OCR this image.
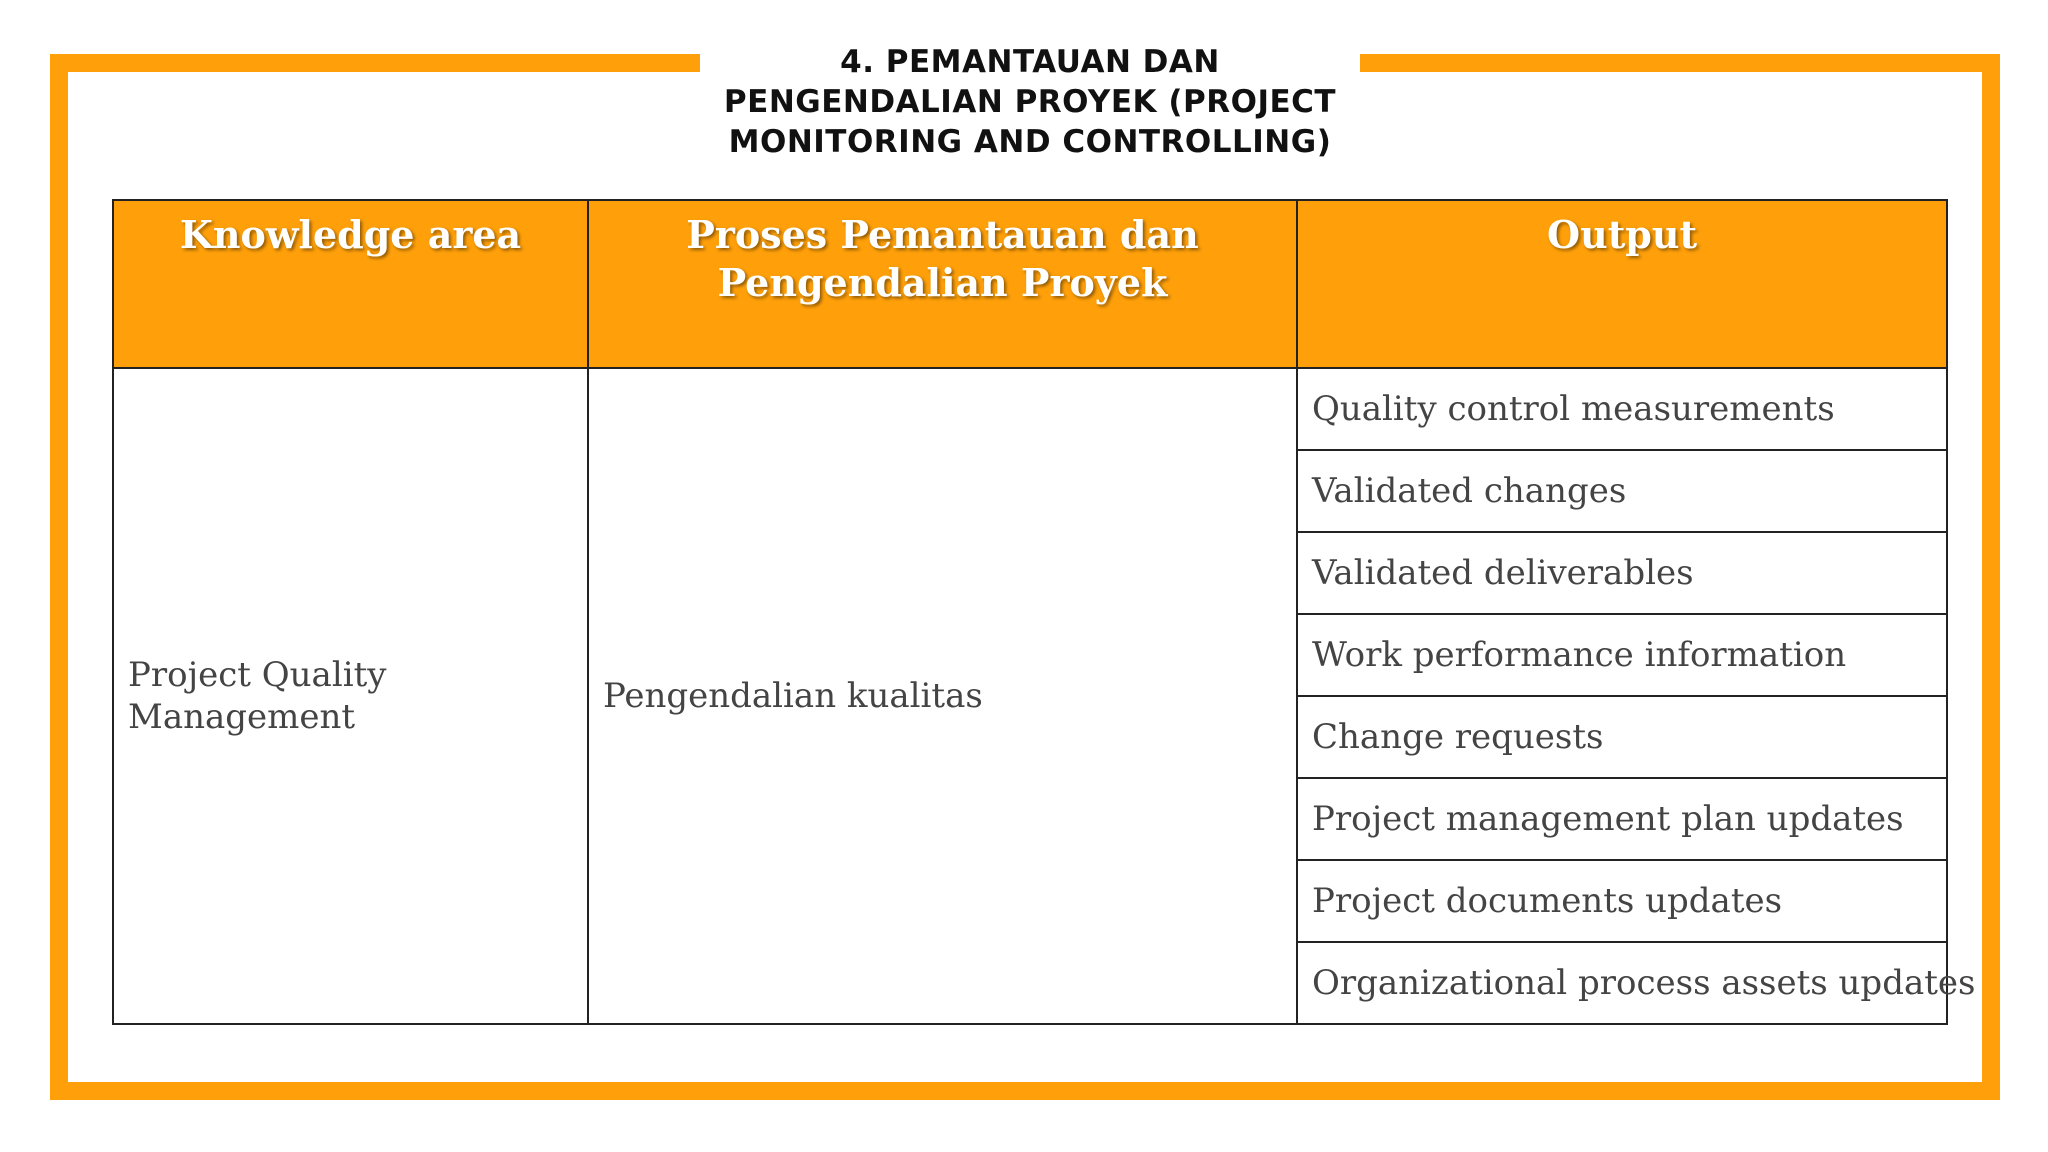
4. PEMANTAUAN DAN
PENGENDALIAN PROYEK (PROJECT
MONITORING AND CONTROLLING)
Knowledge area	Proses Pemantauan dan
Pengendalian Proyek	Output

Project Quality
Management	Pengendalian kualitas	Quality control measurements
		Validated changes
		Validated deliverables
		Work performance information
		Change requests
		Project management plan updates
		Project documents updates
		Organizational process assets updates
